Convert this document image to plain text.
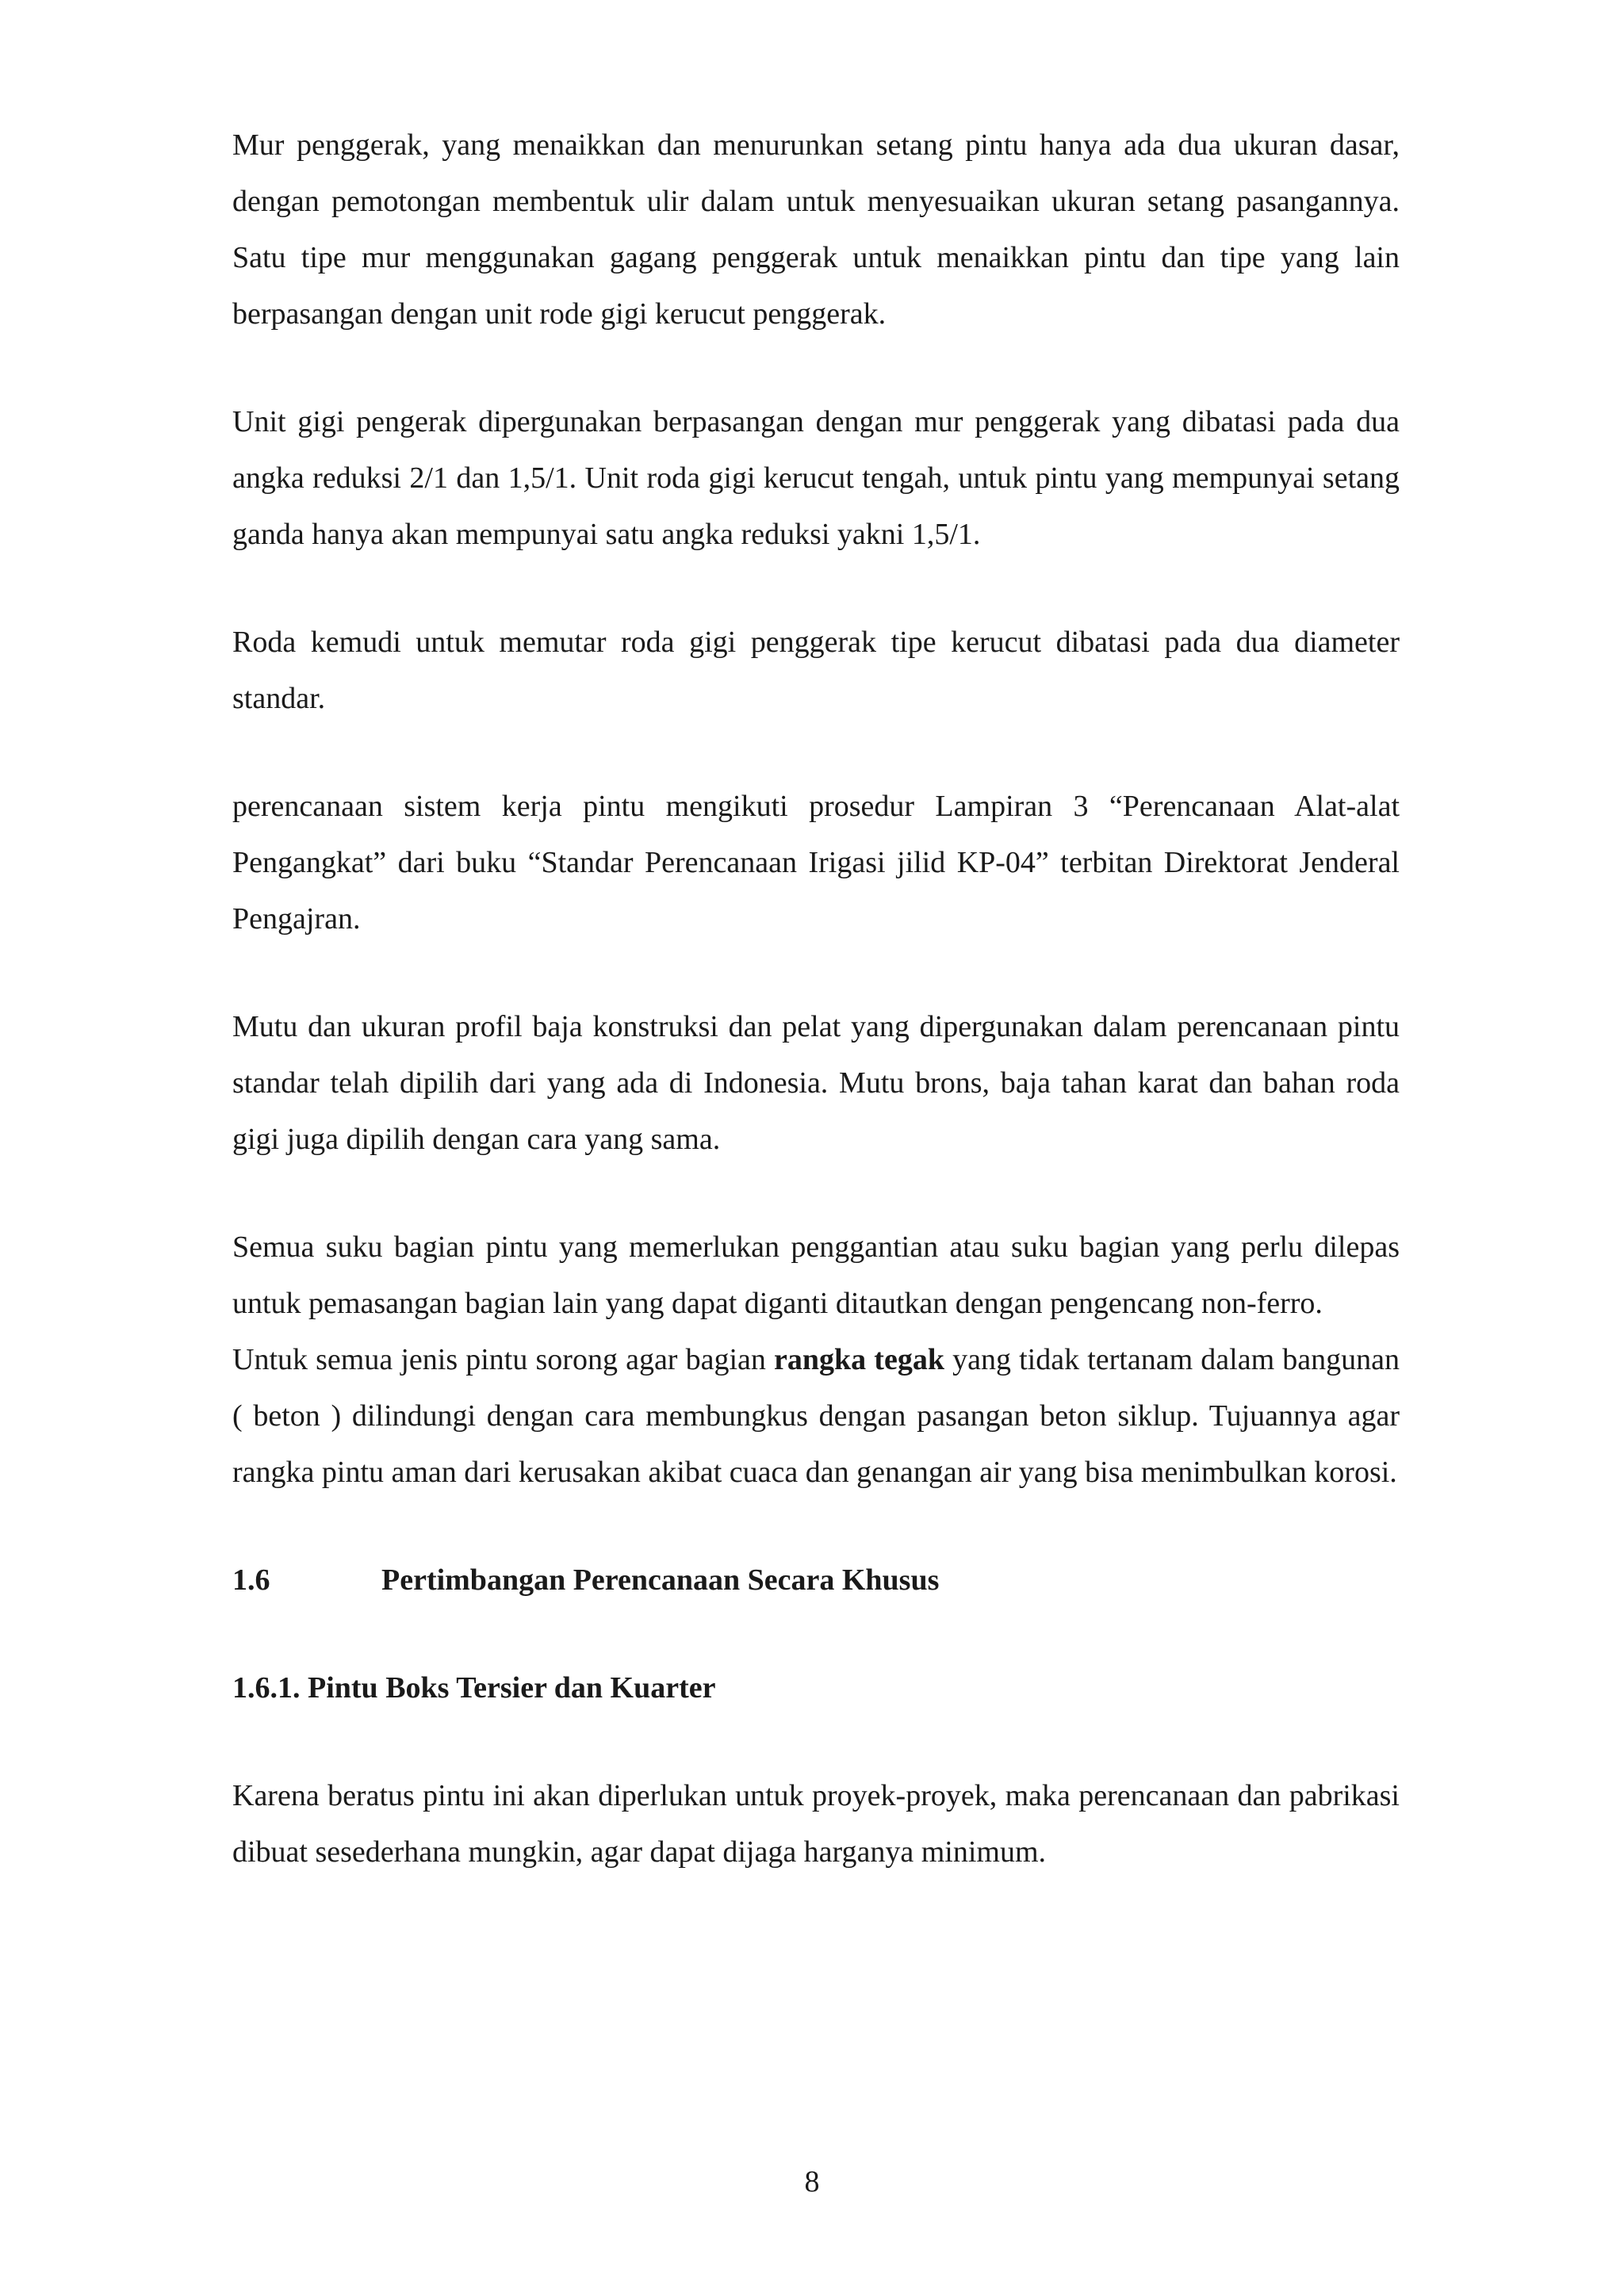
Mur penggerak, yang menaikkan dan menurunkan setang pintu hanya ada dua ukuran dasar, dengan pemotongan membentuk ulir dalam untuk menyesuaikan ukuran setang pasangannya. Satu tipe mur menggunakan gagang penggerak untuk menaikkan pintu dan tipe yang lain berpasangan dengan unit rode gigi kerucut penggerak.

Unit gigi pengerak dipergunakan berpasangan dengan mur penggerak yang dibatasi pada dua angka reduksi 2/1 dan 1,5/1. Unit roda gigi kerucut tengah, untuk pintu yang mempunyai setang ganda hanya akan mempunyai satu angka reduksi yakni 1,5/1.

Roda kemudi untuk memutar roda gigi penggerak tipe kerucut dibatasi pada dua diameter standar.

perencanaan sistem kerja pintu mengikuti prosedur Lampiran 3 “Perencanaan Alat-alat Pengangkat” dari buku “Standar Perencanaan Irigasi jilid KP-04” terbitan Direktorat Jenderal Pengajran.

Mutu dan ukuran profil baja konstruksi dan pelat yang dipergunakan dalam perencanaan pintu standar telah dipilih dari yang ada di Indonesia. Mutu brons, baja tahan karat dan bahan roda gigi juga dipilih dengan cara yang sama.

Semua suku bagian pintu yang memerlukan penggantian atau suku bagian yang perlu dilepas untuk pemasangan bagian lain yang dapat diganti ditautkan dengan pengencang non-ferro.

Untuk semua jenis pintu sorong agar bagian rangka tegak yang tidak tertanam dalam bangunan ( beton ) dilindungi dengan cara membungkus dengan pasangan beton siklup. Tujuannya agar rangka pintu aman dari kerusakan akibat cuaca dan genangan air yang bisa menimbulkan korosi.

1.6	Pertimbangan Perencanaan Secara Khusus

1.6.1. Pintu Boks Tersier dan Kuarter

Karena beratus pintu ini akan diperlukan untuk proyek-proyek, maka perencanaan dan pabrikasi dibuat sesederhana mungkin, agar dapat dijaga harganya minimum.

8
